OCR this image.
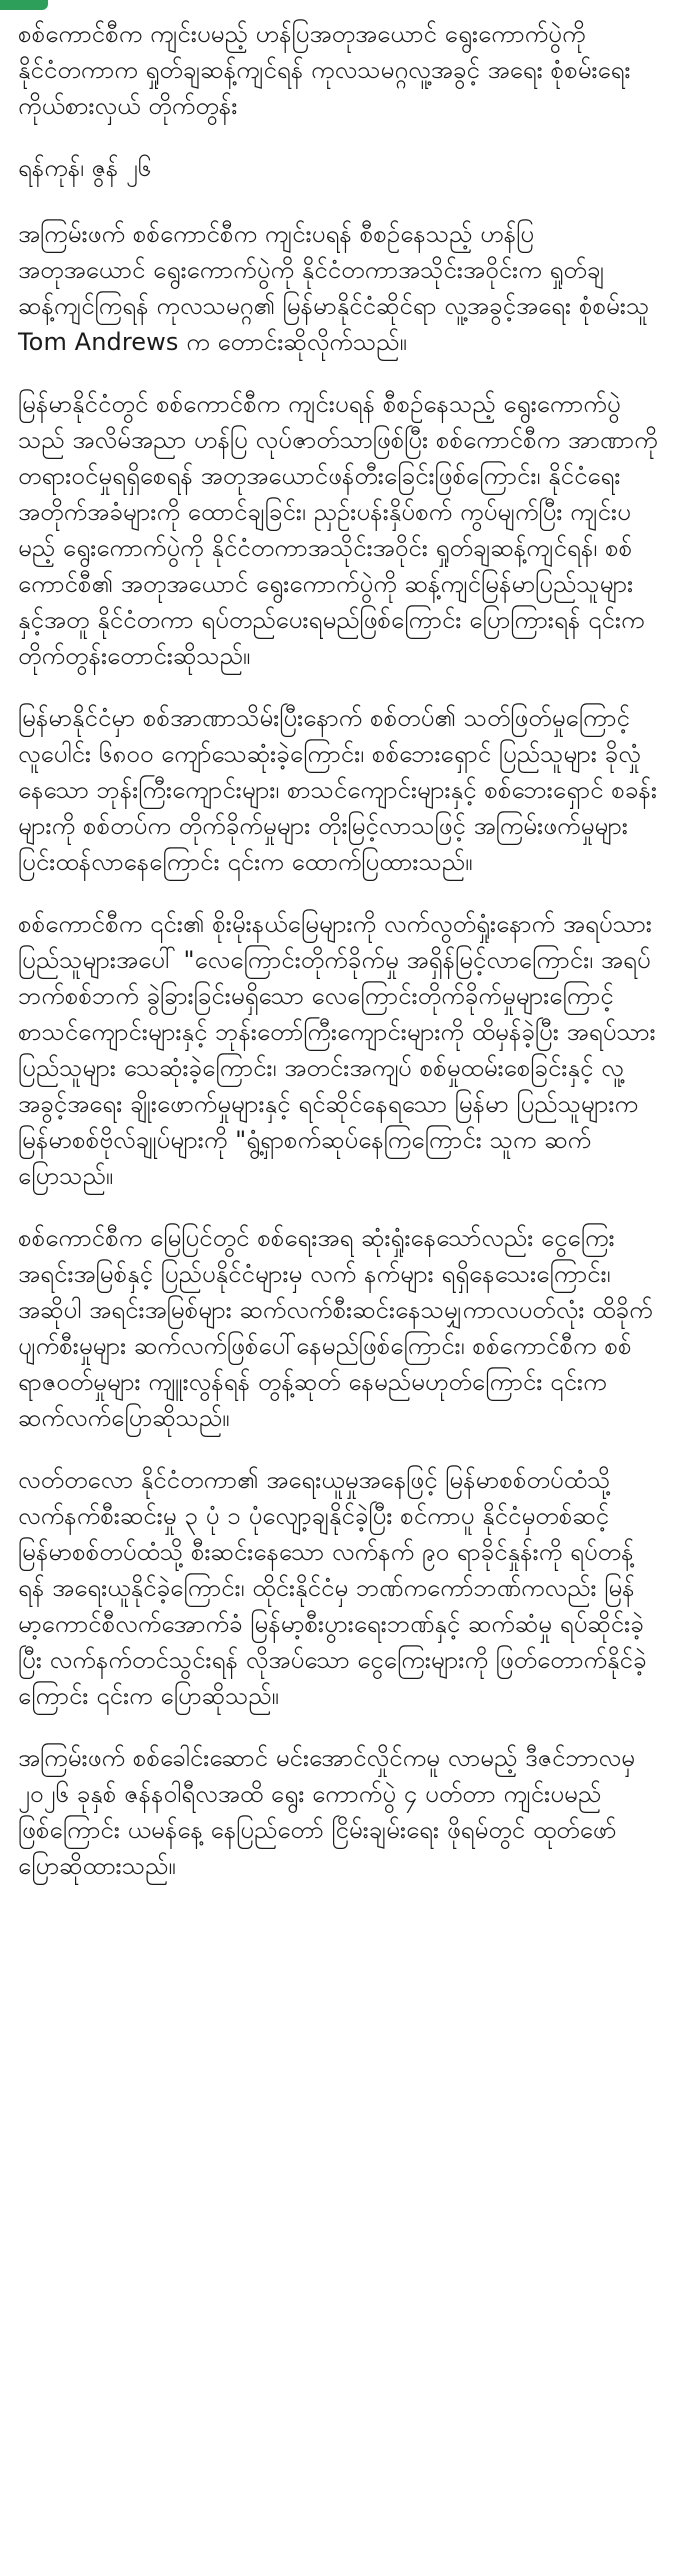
စစ်ကောင်စီက ကျင်းပမည့် ဟန်ပြအတုအယောင် ရွေးကောက်ပွဲကို နိုင်ငံတကာက ရှုတ်ချဆန့်ကျင်ရန် ကုလသမဂ္ဂလူ့အခွင့် အရေး စုံစမ်းရေးကိုယ်စားလှယ် တိုက်တွန်း

ရန်ကုန်၊ ဇွန် ၂၆

အကြမ်းဖက် စစ်ကောင်စီက ကျင်းပရန် စီစဉ်နေသည့် ဟန်ပြ အတုအယောင် ရွေးကောက်ပွဲကို နိုင်ငံတကာအသိုင်းအဝိုင်းက ရှုတ်ချ ဆန့်ကျင်ကြရန် ကုလသမဂ္ဂ၏ မြန်မာနိုင်ငံဆိုင်ရာ လူ့အခွင့်အရေး စုံစမ်းသူ Tom Andrews က တောင်းဆိုလိုက်သည်။

မြန်မာနိုင်ငံတွင် စစ်ကောင်စီက ကျင်းပရန် စီစဉ်နေသည့် ရွေးကောက်ပွဲသည် အလိမ်အညာ ဟန်ပြ လုပ်ဇာတ်သာဖြစ်ပြီး စစ်ကောင်စီက အာဏာကို တရားဝင်မှုရရှိစေရန် အတုအယောင်ဖန်တီးခြေင်းဖြစ်ကြောင်း၊ နိုင်ငံရေး အတိုက်အခံများကို ထောင်ချခြင်း၊ ညှဉ်းပန်းနှိပ်စက် ကွပ်မျက်ပြီး ကျင်းပမည့် ရွေးကောက်ပွဲကို နိုင်ငံတကာအသိုင်းအဝိုင်း ရှုတ်ချဆန့်ကျင်ရန်၊ စစ်ကောင်စီ၏ အတုအယောင် ရွေးကောက်ပွဲကို ဆန့်ကျင်မြန်မာပြည်သူများနှင့်အတူ နိုင်ငံတကာ ရပ်တည်ပေးရမည်ဖြစ်ကြောင်း ပြောကြားရန် ၎င်းက တိုက်တွန်းတောင်းဆိုသည်။

မြန်မာနိုင်ငံမှာ စစ်အာဏာသိမ်းပြီးနောက် စစ်တပ်၏ သတ်ဖြတ်မှုကြောင့် လူပေါင်း ၆၈၀၀ ကျော်သေဆုံးခဲ့ကြောင်း၊ စစ်ဘေးရှောင် ပြည်သူများ ခိုလှုံနေသော ဘုန်းကြီးကျောင်းများ၊ စာသင်ကျောင်းများနှင့် စစ်ဘေးရှောင် စခန်းများကို စစ်တပ်က တိုက်ခိုက်မှုများ တိုးမြင့်လာသဖြင့် အကြမ်းဖက်မှုများ ပြင်းထန်လာနေကြောင်း ၎င်းက ထောက်ပြထားသည်။

စစ်ကောင်စီက ၎င်း၏ စိုးမိုးနယ်မြေများကို လက်လွတ်ရှုံးနောက် အရပ်သားပြည်သူများအပေါ် "လေကြောင်းတိုက်ခိုက်မှု အရှိန်မြင့်လာကြောင်း၊ အရပ်ဘက်စစ်ဘက် ခွဲခြားခြင်းမရှိသော လေကြောင်းတိုက်ခိုက်မှုများကြောင့် စာသင်ကျောင်းများနှင့် ဘုန်းတော်ကြီးကျောင်းများကို ထိမှန်ခဲ့ပြီး အရပ်သားပြည်သူများ သေဆုံးခဲ့ကြောင်း၊ အတင်းအကျပ် စစ်မှုထမ်းစေခြင်းနှင့် လူ့အခွင့်အရေး ချိုးဖောက်မှုများနှင့် ရင်ဆိုင်နေရသော မြန်မာ ပြည်သူများက မြန်မာစစ်ဗိုလ်ချုပ်များကို "ရွံ့ရှာစက်ဆုပ်နေကြကြောင်း သူက ဆက်ပြောသည်။

စစ်ကောင်စီက မြေပြင်တွင် စစ်ရေးအရ ဆုံးရှုံးနေသော်လည်း ငွေကြေးအရင်းအမြစ်နှင့် ပြည်ပနိုင်ငံများမှ လက် နက်များ ရရှိနေသေးကြောင်း၊ အဆိုပါ အရင်းအမြစ်များ ဆက်လက်စီးဆင်းနေသမျှကာလပတ်လုံး ထိခိုက်ပျက်စီးမှုများ ဆက်လက်ဖြစ်ပေါ်နေမည်ဖြစ်ကြောင်း၊ စစ်ကောင်စီက စစ်ရာဇဝတ်မှုများ ကျူးလွန်ရန် တွန့်ဆုတ် နေမည်မဟုတ်ကြောင်း ၎င်းက ဆက်လက်ပြောဆိုသည်။

လတ်တလော နိုင်ငံတကာ၏ အရေးယူမှုအနေဖြင့် မြန်မာစစ်တပ်ထံသို့ လက်နက်စီးဆင်းမှု ၃ ပုံ ၁ ပုံလျော့ချနိုင်ခဲ့ပြီး စင်ကာပူ နိုင်ငံမှတစ်ဆင့် မြန်မာစစ်တပ်ထံသို့ စီးဆင်းနေသော လက်နက် ၉၀ ရာခိုင်နှုန်းကို ရပ်တန့်ရန် အရေးယူနိုင်ခဲ့ကြောင်း၊ ထိုင်းနိုင်ငံမှ ဘဏ်ကကော်ဘဏ်ကလည်း မြန်မာ့ကောင်စီလက်အောက်ခံ မြန်မာ့စီးပွားရေးဘဏ်နှင့် ဆက်ဆံမှု ရပ်ဆိုင်းခဲ့ပြီး လက်နက်တင်သွင်းရန် လိုအပ်သော ငွေကြေးများကို ဖြတ်တောက်နိုင်ခဲ့ကြောင်း ၎င်းက ပြောဆိုသည်။

အကြမ်းဖက် စစ်ခေါင်းဆောင် မင်းအောင်လှိုင်ကမူ လာမည့် ဒီဇင်ဘာလမှ ၂၀၂၆ ခုနှစ် ဇန်နဝါရီလအထိ ရွေး ကောက်ပွဲ ၄ ပတ်တာ ကျင်းပမည်ဖြစ်ကြောင်း ယမန်နေ့ နေပြည်တော် ငြိမ်းချမ်းရေး ဖိုရမ်တွင် ထုတ်ဖော်ပြောဆိုထားသည်။
